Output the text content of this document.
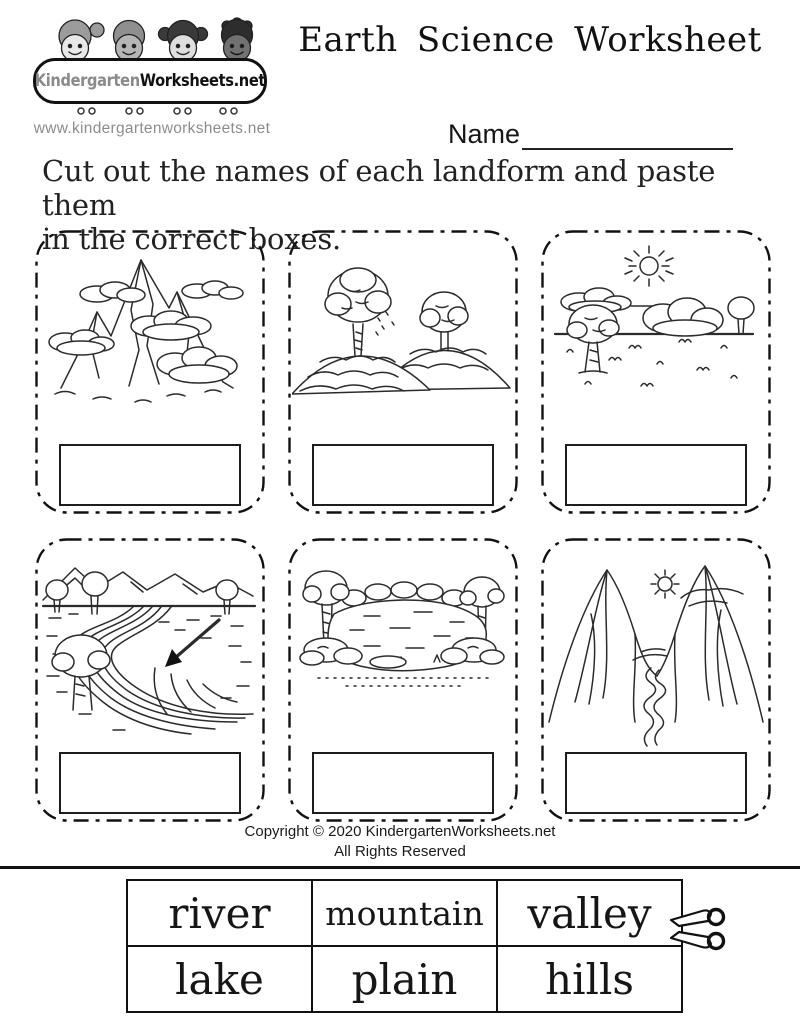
KindergartenWorksheets.net
www.kindergartenworksheets.net
Earth Science Worksheet
Name

Cut out the names of each landform and paste them
in the correct boxes.

Copyright © 2020 KindergartenWorksheets.net
All Rights Reserved
river	mountain	valley
lake	plain	hills
